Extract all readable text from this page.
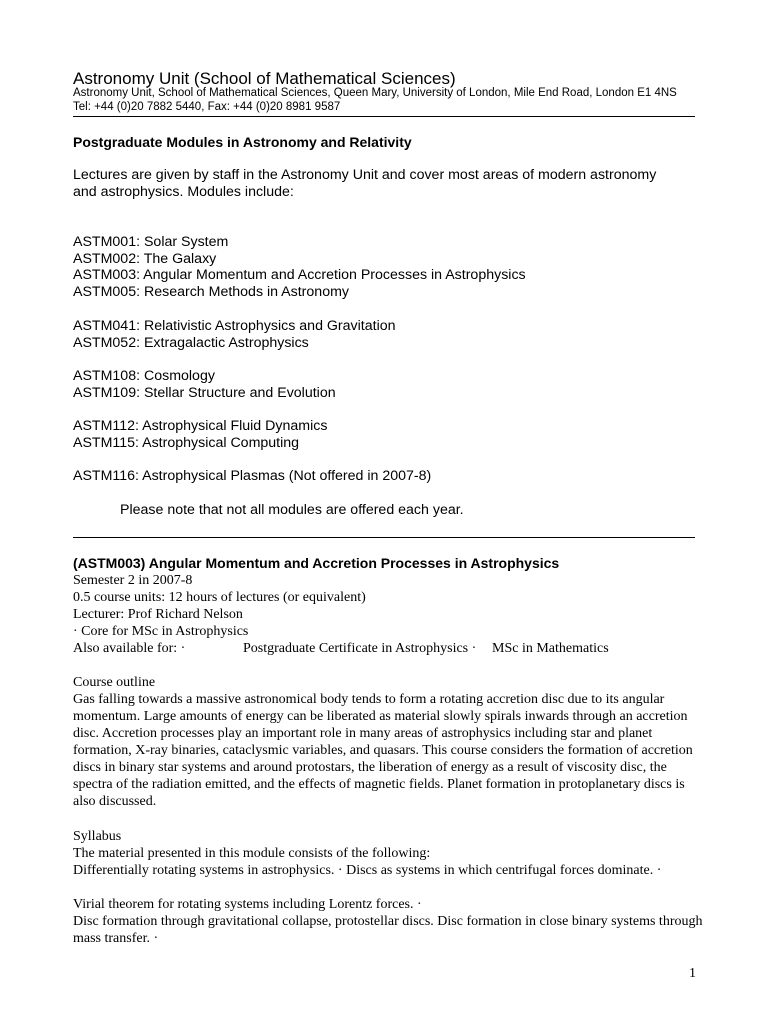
Astronomy Unit (School of Mathematical Sciences)
Astronomy Unit, School of Mathematical Sciences, Queen Mary, University of London, Mile End Road, London E1 4NS
Tel: +44 (0)20 7882 5440, Fax: +44 (0)20 8981 9587
Postgraduate Modules in Astronomy and Relativity
Lectures are given by staff in the Astronomy Unit and cover most areas of modern astronomy and astrophysics. Modules include:
ASTM001: Solar System
ASTM002: The Galaxy
ASTM003: Angular Momentum and Accretion Processes in Astrophysics
ASTM005: Research Methods in Astronomy
ASTM041: Relativistic Astrophysics and Gravitation
ASTM052: Extragalactic Astrophysics
ASTM108: Cosmology
ASTM109: Stellar Structure and Evolution
ASTM112: Astrophysical Fluid Dynamics
ASTM115: Astrophysical Computing
ASTM116: Astrophysical Plasmas (Not offered in 2007-8)
Please note that not all modules are offered each year.
(ASTM003) Angular Momentum and Accretion Processes in Astrophysics
Semester 2 in 2007-8
0.5 course units: 12 hours of lectures (or equivalent)
Lecturer: Prof Richard Nelson
· Core for MSc in Astrophysics
Also available for: ·	Postgraduate Certificate in Astrophysics · MSc in Mathematics
Course outline
Gas falling towards a massive astronomical body tends to form a rotating accretion disc due to its angular momentum. Large amounts of energy can be liberated as material slowly spirals inwards through an accretion disc. Accretion processes play an important role in many areas of astrophysics including star and planet formation, X-ray binaries, cataclysmic variables, and quasars. This course considers the formation of accretion discs in binary star systems and around protostars, the liberation of energy as a result of viscosity disc, the spectra of the radiation emitted, and the effects of magnetic fields. Planet formation in protoplanetary discs is also discussed.
Syllabus
The material presented in this module consists of the following:
Differentially rotating systems in astrophysics. · Discs as systems in which centrifugal forces dominate. ·
Virial theorem for rotating systems including Lorentz forces. ·
Disc formation through gravitational collapse, protostellar discs. Disc formation in close binary systems through mass transfer. ·
1
